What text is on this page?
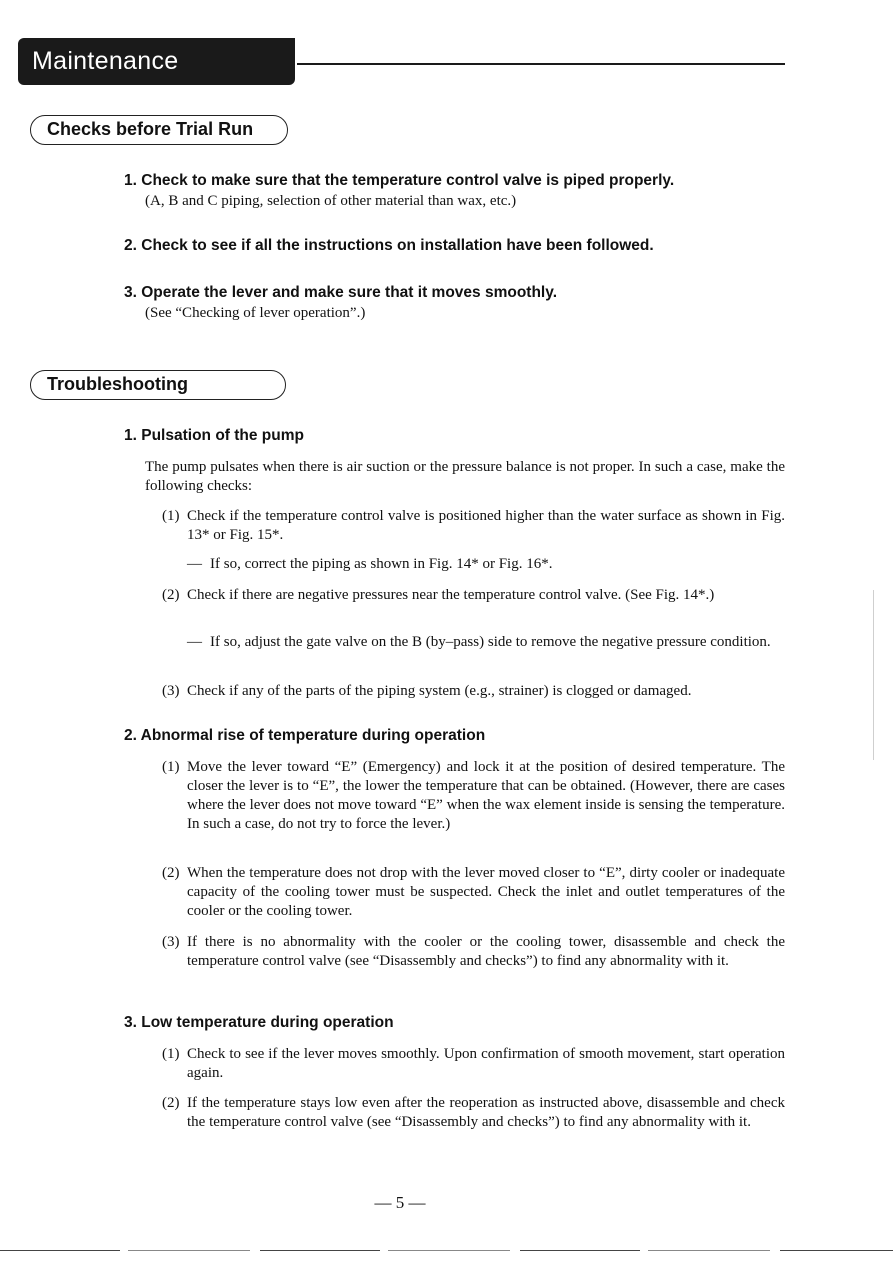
Maintenance
Checks before Trial Run
1. Check to make sure that the temperature control valve is piped properly.
(A, B and C piping, selection of other material than wax, etc.)
2. Check to see if all the instructions on installation have been followed.
3. Operate the lever and make sure that it moves smoothly.
(See “Checking of lever operation”.)
Troubleshooting
1. Pulsation of the pump
The pump pulsates when there is air suction or the pressure balance is not proper. In such a case, make the following checks:
(1) Check if the temperature control valve is positioned higher than the water surface as shown in Fig. 13* or Fig. 15*.
— If so, correct the piping as shown in Fig. 14* or Fig. 16*.
(2) Check if there are negative pressures near the temperature control valve. (See Fig. 14*.)
— If so, adjust the gate valve on the B (by–pass) side to remove the negative pressure condition.
(3) Check if any of the parts of the piping system (e.g., strainer) is clogged or damaged.
2. Abnormal rise of temperature during operation
(1) Move the lever toward “E” (Emergency) and lock it at the position of desired temperature. The closer the lever is to “E”, the lower the temperature that can be obtained. (However, there are cases where the lever does not move toward “E” when the wax element inside is sensing the temperature. In such a case, do not try to force the lever.)
(2) When the temperature does not drop with the lever moved closer to “E”, dirty cooler or inadequate capacity of the cooling tower must be suspected. Check the inlet and outlet temperatures of the cooler or the cooling tower.
(3) If there is no abnormality with the cooler or the cooling tower, disassemble and check the temperature control valve (see “Disassembly and checks”) to find any abnormality with it.
3. Low temperature during operation
(1) Check to see if the lever moves smoothly. Upon confirmation of smooth movement, start operation again.
(2) If the temperature stays low even after the reoperation as instructed above, disassemble and check the temperature control valve (see “Disassembly and checks”) to find any abnormality with it.
— 5 —
